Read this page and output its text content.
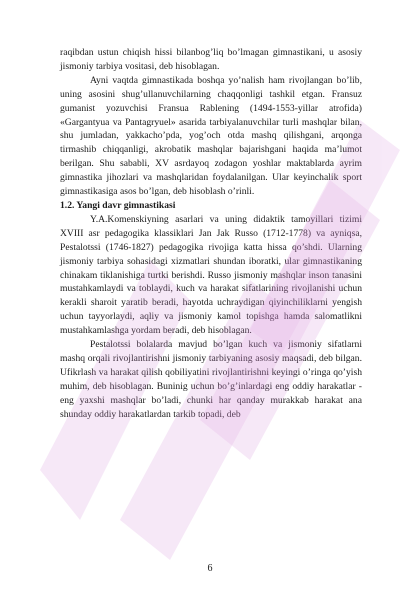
raqibdan ustun chiqish hissi bilanbog’liq bo’lmagan gimnastikani, u asosiy jismoniy tarbiya vositasi, deb hisoblagan.

Ayni vaqtda gimnastikada boshqa yo’nalish ham rivojlangan bo’lib, uning asosini shug’ullanuvchilarning chaqqonligi tashkil etgan. Fransuz gumanist yozuvchisi Fransua Rablening (1494-1553-yillar atrofida) «Gargantyua va Pantagryuel» asarida tarbiyalanuvchilar turli mashqlar bilan, shu jumladan, yakkacho’pda, yog’och otda mashq qilishgani, arqonga tirmashib chiqqanligi, akrobatik mashqlar bajarishgani haqida ma’lumot berilgan. Shu sababli, XV asrdayoq zodagon yoshlar maktablarda ayrim gimnastika jihozlari va mashqlaridan foydalanilgan. Ular keyinchalik sport gimnastikasiga asos bo’lgan, deb hisoblash o’rinli.

1.2. Yangi davr gimnastikasi

Y.A.Komenskiyning asarlari va uning didaktik tamoyillari tizimi XVIII asr pedagogika klassiklari Jan Jak Russo (1712-1778) va ayniqsa, Pestalotssi (1746-1827) pedagogika rivojiga katta hissa qo’shdi. Ularning jismoniy tarbiya sohasidagi xizmatlari shundan iboratki, ular gimnastikaning chinakam tiklanishiga turtki berishdi. Russo jismoniy mashqlar inson tanasini mustahkamlaydi va toblaydi, kuch va harakat sifatlarining rivojlanishi uchun kerakli sharoit yaratib beradi, hayotda uchraydigan qiyinchiliklarni yengish uchun tayyorlaydi, aqliy va jismoniy kamol topishga hamda salomatlikni mustahkamlashga yordam beradi, deb hisoblagan.

Pestalotssi bolalarda mavjud bo’lgan kuch va jismoniy sifatlarni mashq orqali rivojlantirishni jismoniy tarbiyaning asosiy maqsadi, deb bilgan. Ufikrlash va harakat qilish qobiliyatini rivojlantirishni keyingi o’ringa qo’yish muhim, deb hisoblagan. Buninig uchun bo’g’inlardagi eng oddiy harakatlar - eng yaxshi mashqlar bo’ladi, chunki har qanday murakkab harakat ana shunday oddiy harakatlardan tarkib topadi, deb

6
